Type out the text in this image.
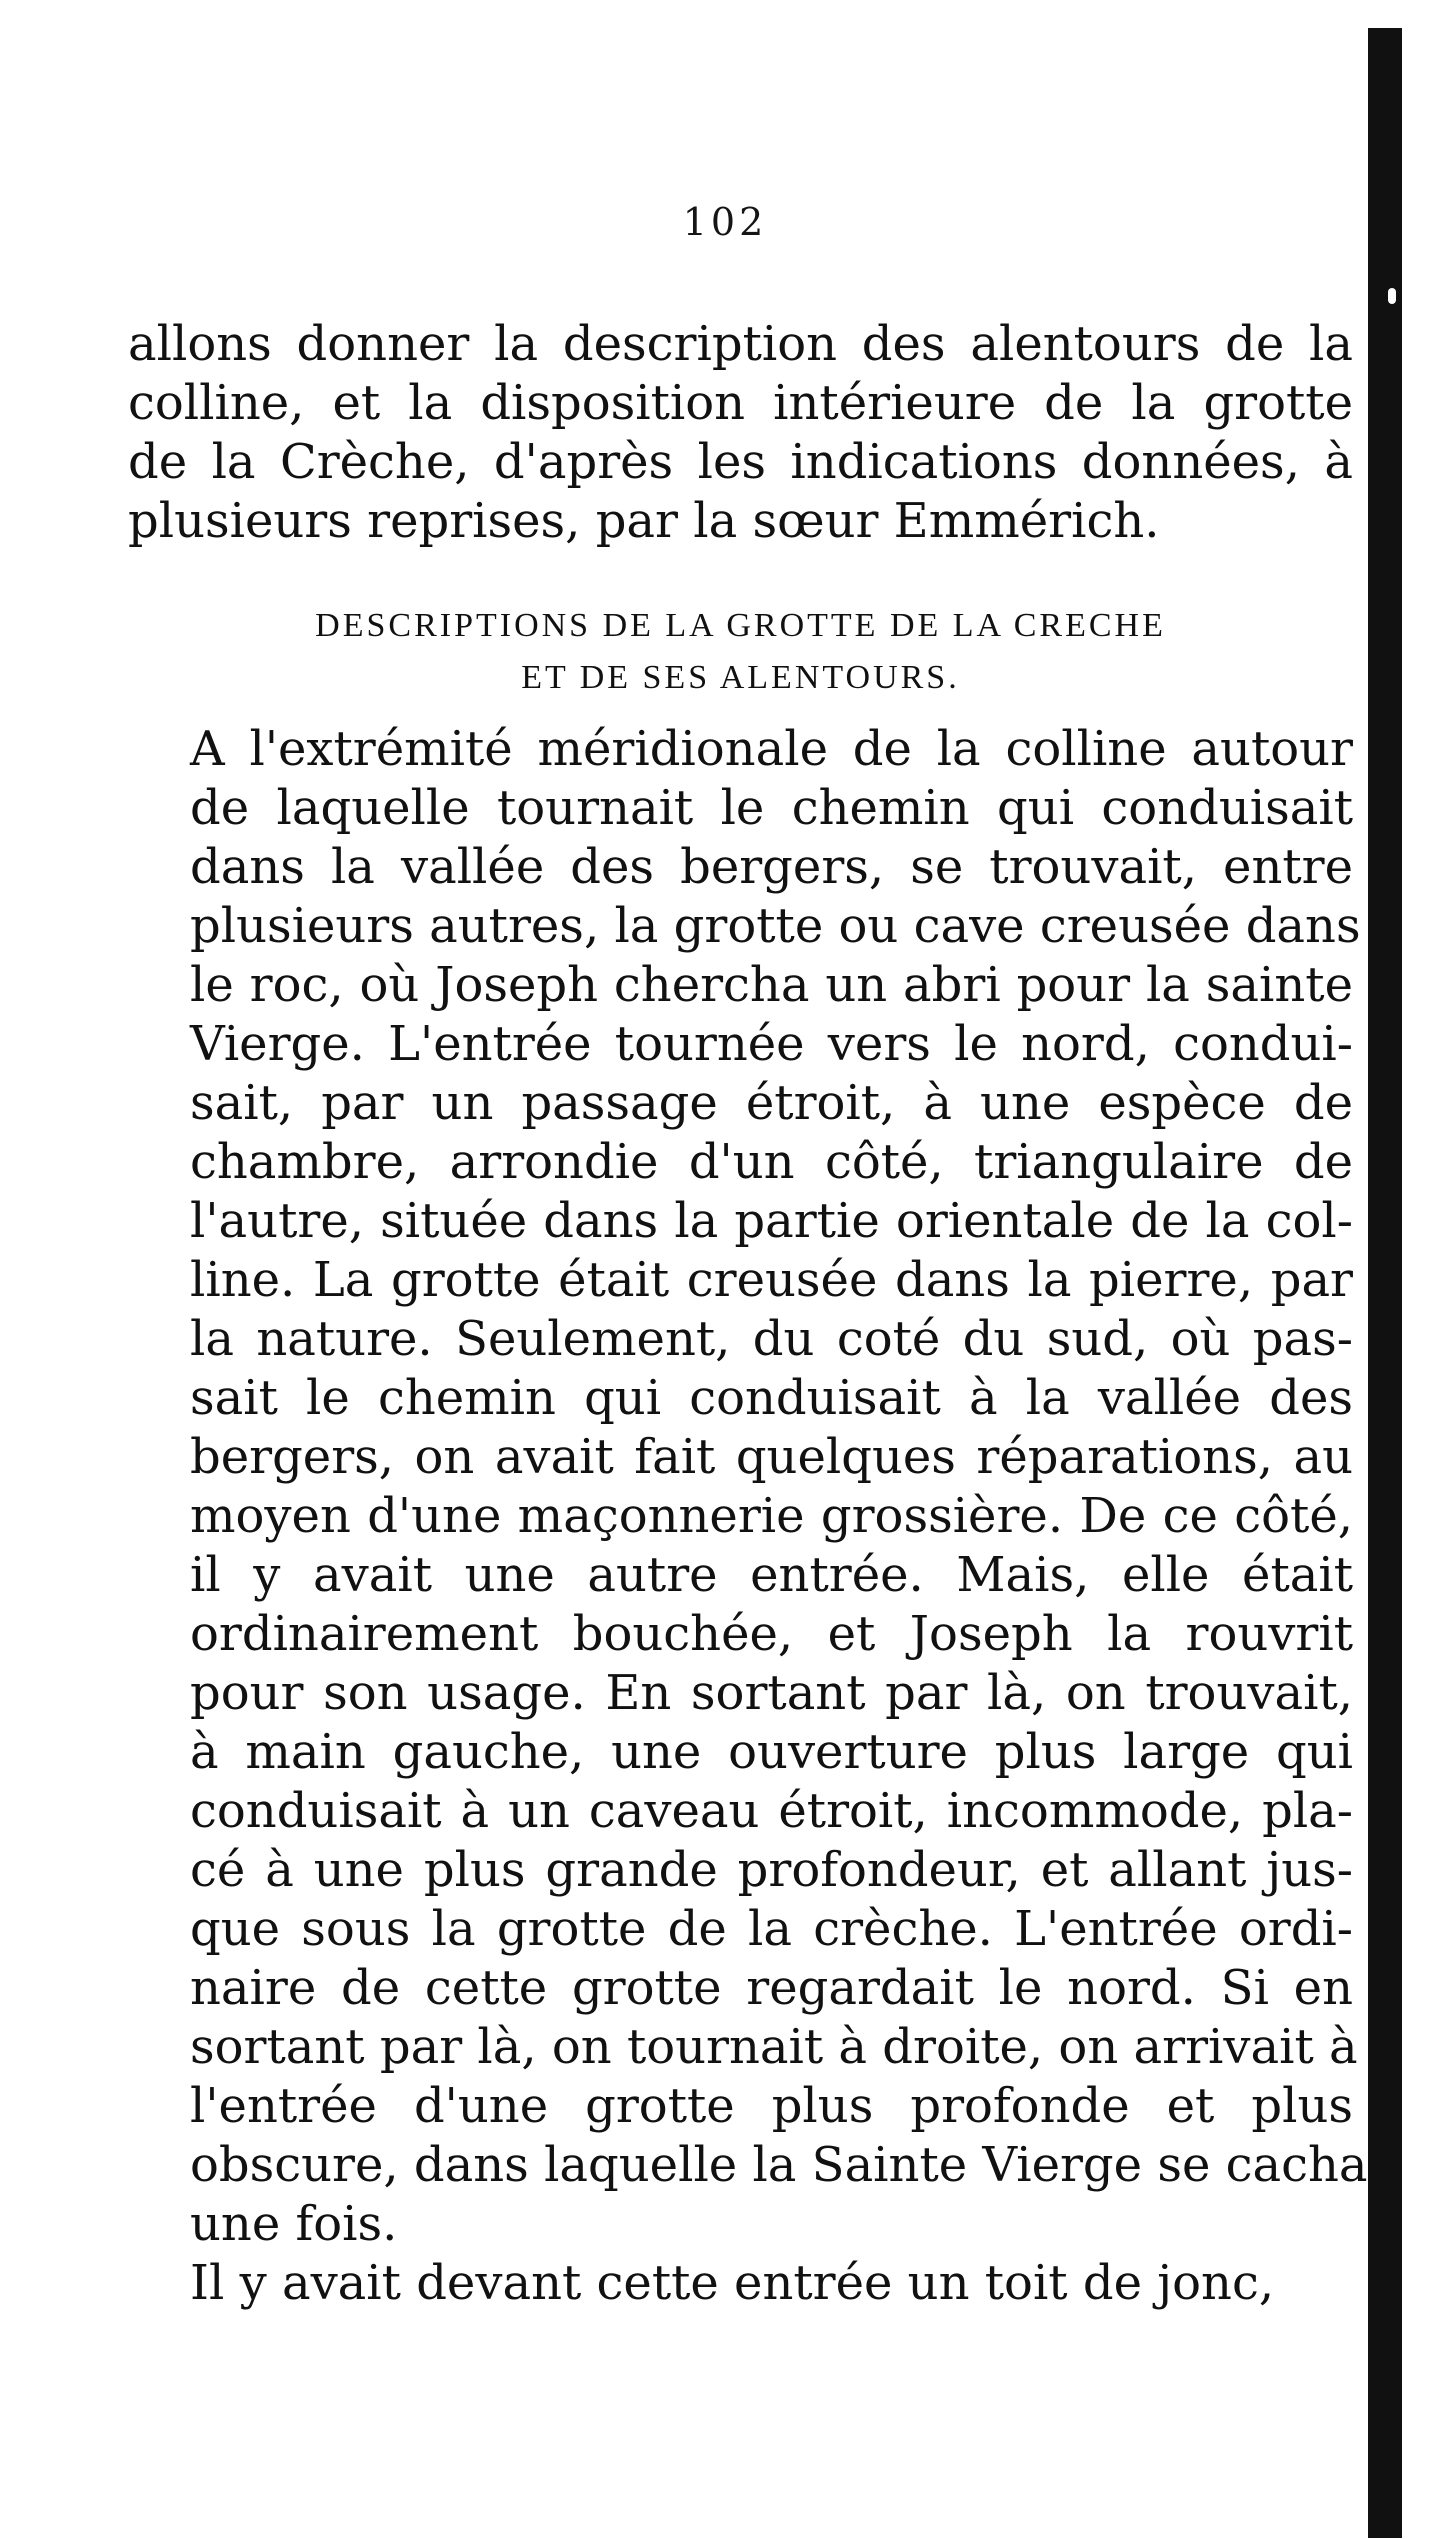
102
allons donner la description des alentours de la
colline, et la disposition intérieure de la grotte
de la Crèche, d'après les indications données, à
plusieurs reprises, par la sœur Emmérich.
DESCRIPTIONS DE LA GROTTE DE LA CRECHE
ET DE SES ALENTOURS.

A l'extrémité méridionale de la colline autour
de laquelle tournait le chemin qui conduisait
dans la vallée des bergers, se trouvait, entre
plusieurs autres, la grotte ou cave creusée dans
le roc, où Joseph chercha un abri pour la sainte
Vierge. L'entrée tournée vers le nord, condui-
sait, par un passage étroit, à une espèce de
chambre, arrondie d'un côté, triangulaire de
l'autre, située dans la partie orientale de la col-
line. La grotte était creusée dans la pierre, par
la nature. Seulement, du coté du sud, où pas-
sait le chemin qui conduisait à la vallée des
bergers, on avait fait quelques réparations, au
moyen d'une maçonnerie grossière. De ce côté,
il y avait une autre entrée. Mais, elle était
ordinairement bouchée, et Joseph la rouvrit
pour son usage. En sortant par là, on trouvait,
à main gauche, une ouverture plus large qui
conduisait à un caveau étroit, incommode, pla-
cé à une plus grande profondeur, et allant jus-
que sous la grotte de la crèche. L'entrée ordi-
naire de cette grotte regardait le nord. Si en
sortant par là, on tournait à droite, on arrivait à
l'entrée d'une grotte plus profonde et plus
obscure, dans laquelle la Sainte Vierge se cacha
une fois.

Il y avait devant cette entrée un toit de jonc,
